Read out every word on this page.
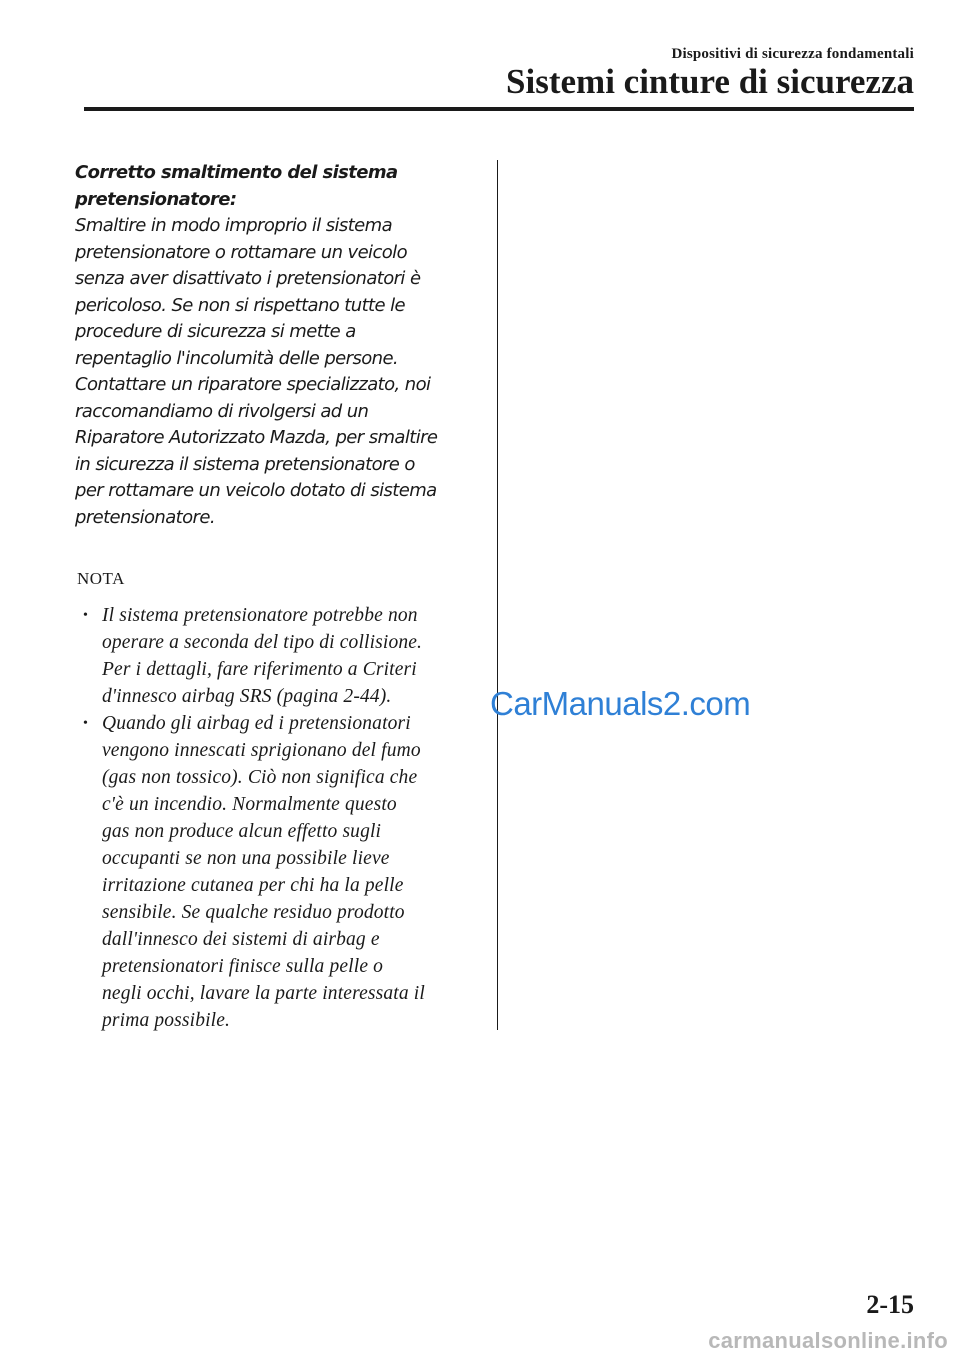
Dispositivi di sicurezza fondamentali
Sistemi cinture di sicurezza
Corretto smaltimento del sistema
pretensionatore:
Smaltire in modo improprio il sistema
pretensionatore o rottamare un veicolo
senza aver disattivato i pretensionatori è
pericoloso. Se non si rispettano tutte le
procedure di sicurezza si mette a
repentaglio l'incolumità delle persone.
Contattare un riparatore specializzato, noi
raccomandiamo di rivolgersi ad un
Riparatore Autorizzato Mazda, per smaltire
in sicurezza il sistema pretensionatore o
per rottamare un veicolo dotato di sistema
pretensionatore.
NOTA
• Il sistema pretensionatore potrebbe non
operare a seconda del tipo di collisione.
Per i dettagli, fare riferimento a Criteri
d'innesco airbag SRS (pagina 2-44).
• Quando gli airbag ed i pretensionatori
vengono innescati sprigionano del fumo
(gas non tossico). Ciò non significa che
c'è un incendio. Normalmente questo
gas non produce alcun effetto sugli
occupanti se non una possibile lieve
irritazione cutanea per chi ha la pelle
sensibile. Se qualche residuo prodotto
dall'innesco dei sistemi di airbag e
pretensionatori finisce sulla pelle o
negli occhi, lavare la parte interessata il
prima possibile.
CarManuals2.com
2-15
carmanualsonline.info
